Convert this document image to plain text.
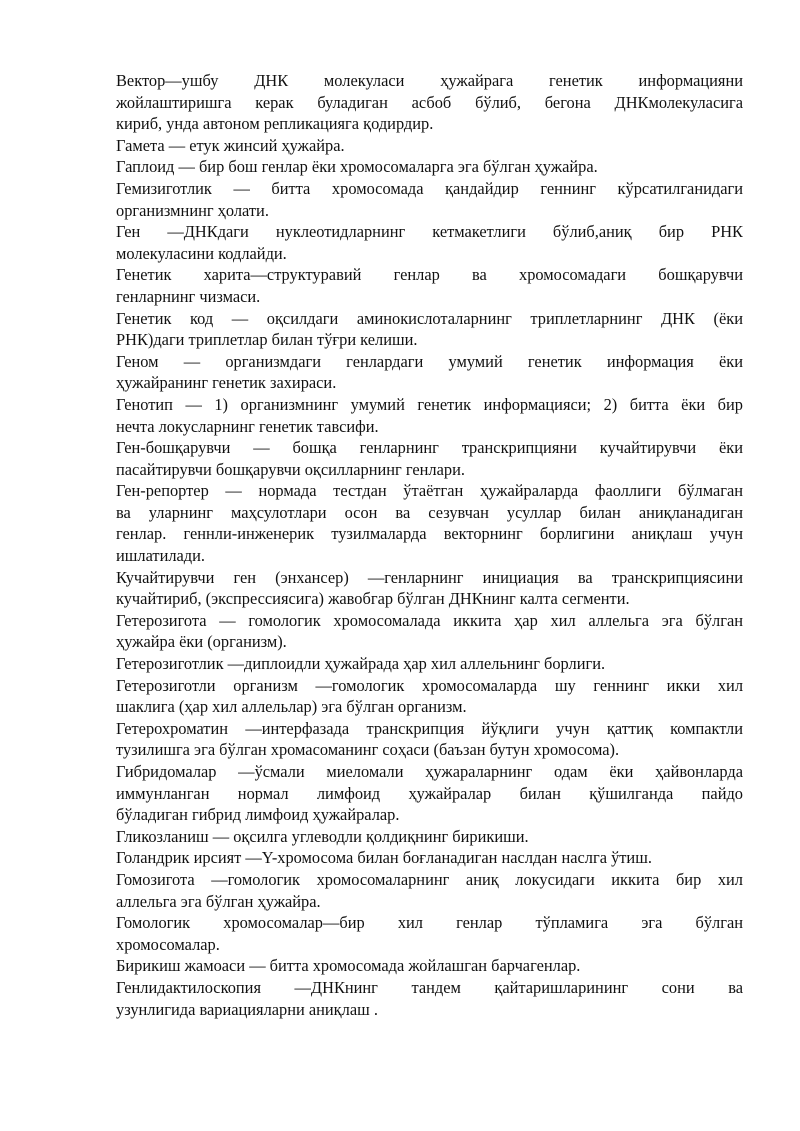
Вектор—ушбу ДНК молекуласи ҳужайрага генетик информацияни
жойлаштиришга керак буладиган асбоб бўлиб, бегона ДНКмолекуласига
кириб, унда автоном репликацияга қодирдир.

Гамета — етук жинсий ҳужайра.

Гаплоид — бир бош генлар ёки хромосомаларга эга бўлган ҳужайра.

Гемизиготлик — битта хромосомада қандайдир геннинг кўрсатилганидаги
организмнинг ҳолати.

Ген —ДНКдаги нуклеотидларнинг кетмакетлиги бўлиб,аниқ бир РНК
молекуласини кодлайди.

Генетик харита—структуравий генлар ва хромосомадаги бошқарувчи
генларнинг чизмаси.

Генетик код — оқсилдаги аминокислоталарнинг триплетларнинг ДНК (ёки
РНК)даги триплетлар билан тўғри келиши.

Геном — организмдаги генлардаги умумий генетик информация ёки
ҳужайранинг генетик захираси.

Генотип — 1) организмнинг умумий генетик информацияси; 2) битта ёки бир
нечта локусларнинг генетик тавсифи.

Ген-бошқарувчи — бошқа генларнинг транскрипцияни кучайтирувчи ёки
пасайтирувчи бошқарувчи оқсилларнинг генлари.

Ген-репортер — нормада тестдан ўтаётган ҳужайраларда фаоллиги бўлмаган
ва уларнинг маҳсулотлари осон ва сезувчан усуллар билан аниқланадиган
генлар. геннли-инженерик тузилмаларда векторнинг борлигини аниқлаш учун
ишлатилади.

Кучайтирувчи ген (энхансер) —генларнинг инициация ва транскрипциясини
кучайтириб, (экспрессиясига) жавобгар бўлган ДНКнинг калта сегменти.

Гетерозигота — гомологик хромосомалада иккита ҳар хил аллельга эга бўлган
ҳужайра ёки (организм).

Гетерозиготлик —диплоидли ҳужайрада ҳар хил аллельнинг борлиги.

Гетерозиготли организм —гомологик хромосомаларда шу геннинг икки хил
шаклига (ҳар хил аллельлар) эга бўлган организм.

Гетерохроматин —интерфазада транскрипция йўқлиги учун қаттиқ компактли
тузилишга эга бўлган хромасоманинг соҳаси (баъзан бутун хромосома).

Гибридомалар —ўсмали миеломали ҳужараларнинг одам ёки ҳайвонларда
иммунланган нормал лимфоид ҳужайралар билан қўшилганда пайдо
бўладиган гибрид лимфоид ҳужайралар.

Гликозланиш — оқсилга углеводли қолдиқнинг бирикиши.

Голандрик ирсият —Y-хромосома билан боғланадиган наслдан наслга ўтиш.

Гомозигота —гомологик хромосомаларнинг аниқ локусидаги иккита бир хил
аллельга эга бўлган ҳужайра.

Гомологик хромосомалар—бир хил генлар тўпламига эга бўлган
хромосомалар.

Бирикиш жамоаси — битта хромосомада жойлашган барчагенлар.

Генлидактилоскопия —ДНКнинг тандем қайтаришларининг сони ва
узунлигида вариацияларни аниқлаш .
